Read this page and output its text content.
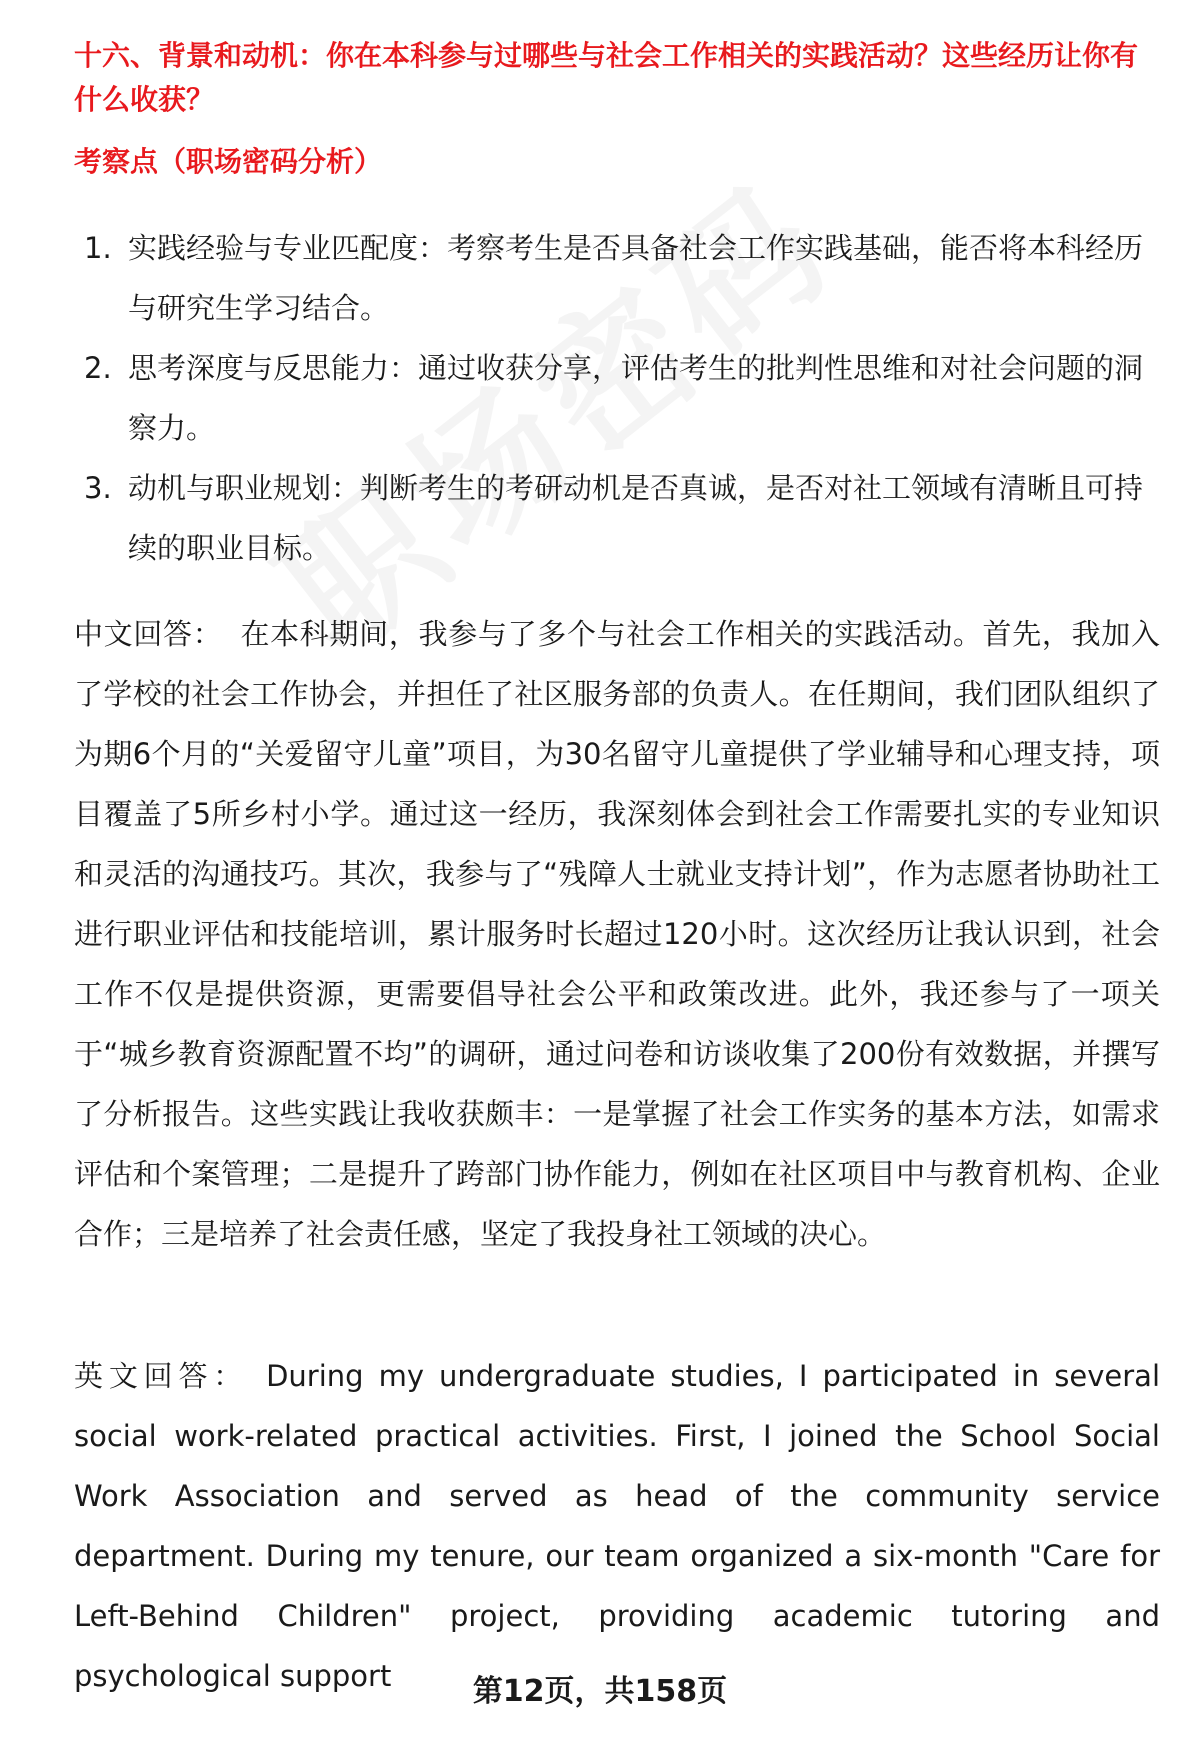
十六、背景和动机：你在本科参与过哪些与社会工作相关的实践活动？这些经历让你有什么收获？
考察点（职场密码分析）
1. 实践经验与专业匹配度：考察考生是否具备社会工作实践基础，能否将本科经历与研究生学习结合。
2. 思考深度与反思能力：通过收获分享，评估考生的批判性思维和对社会问题的洞察力。
3. 动机与职业规划：判断考生的考研动机是否真诚，是否对社工领域有清晰且可持续的职业目标。

中文回答： 在本科期间，我参与了多个与社会工作相关的实践活动。首先，我加入了学校的社会工作协会，并担任了社区服务部的负责人。在任期间，我们团队组织了为期6个月的“关爱留守儿童”项目，为30名留守儿童提供了学业辅导和心理支持，项目覆盖了5所乡村小学。通过这一经历，我深刻体会到社会工作需要扎实的专业知识和灵活的沟通技巧。其次，我参与了“残障人士就业支持计划”，作为志愿者协助社工进行职业评估和技能培训，累计服务时长超过120小时。这次经历让我认识到，社会工作不仅是提供资源，更需要倡导社会公平和政策改进。此外，我还参与了一项关于“城乡教育资源配置不均”的调研，通过问卷和访谈收集了200份有效数据，并撰写了分析报告。这些实践让我收获颇丰：一是掌握了社会工作实务的基本方法，如需求评估和个案管理；二是提升了跨部门协作能力，例如在社区项目中与教育机构、企业合作；三是培养了社会责任感，坚定了我投身社工领域的决心。

英文回答： During my undergraduate studies, I participated in several social work-related practical activities. First, I joined the School Social Work Association and served as head of the community service department. During my tenure, our team organized a six-month "Care for Left-Behind Children" project, providing academic tutoring and psychological support	第12页，共158页
